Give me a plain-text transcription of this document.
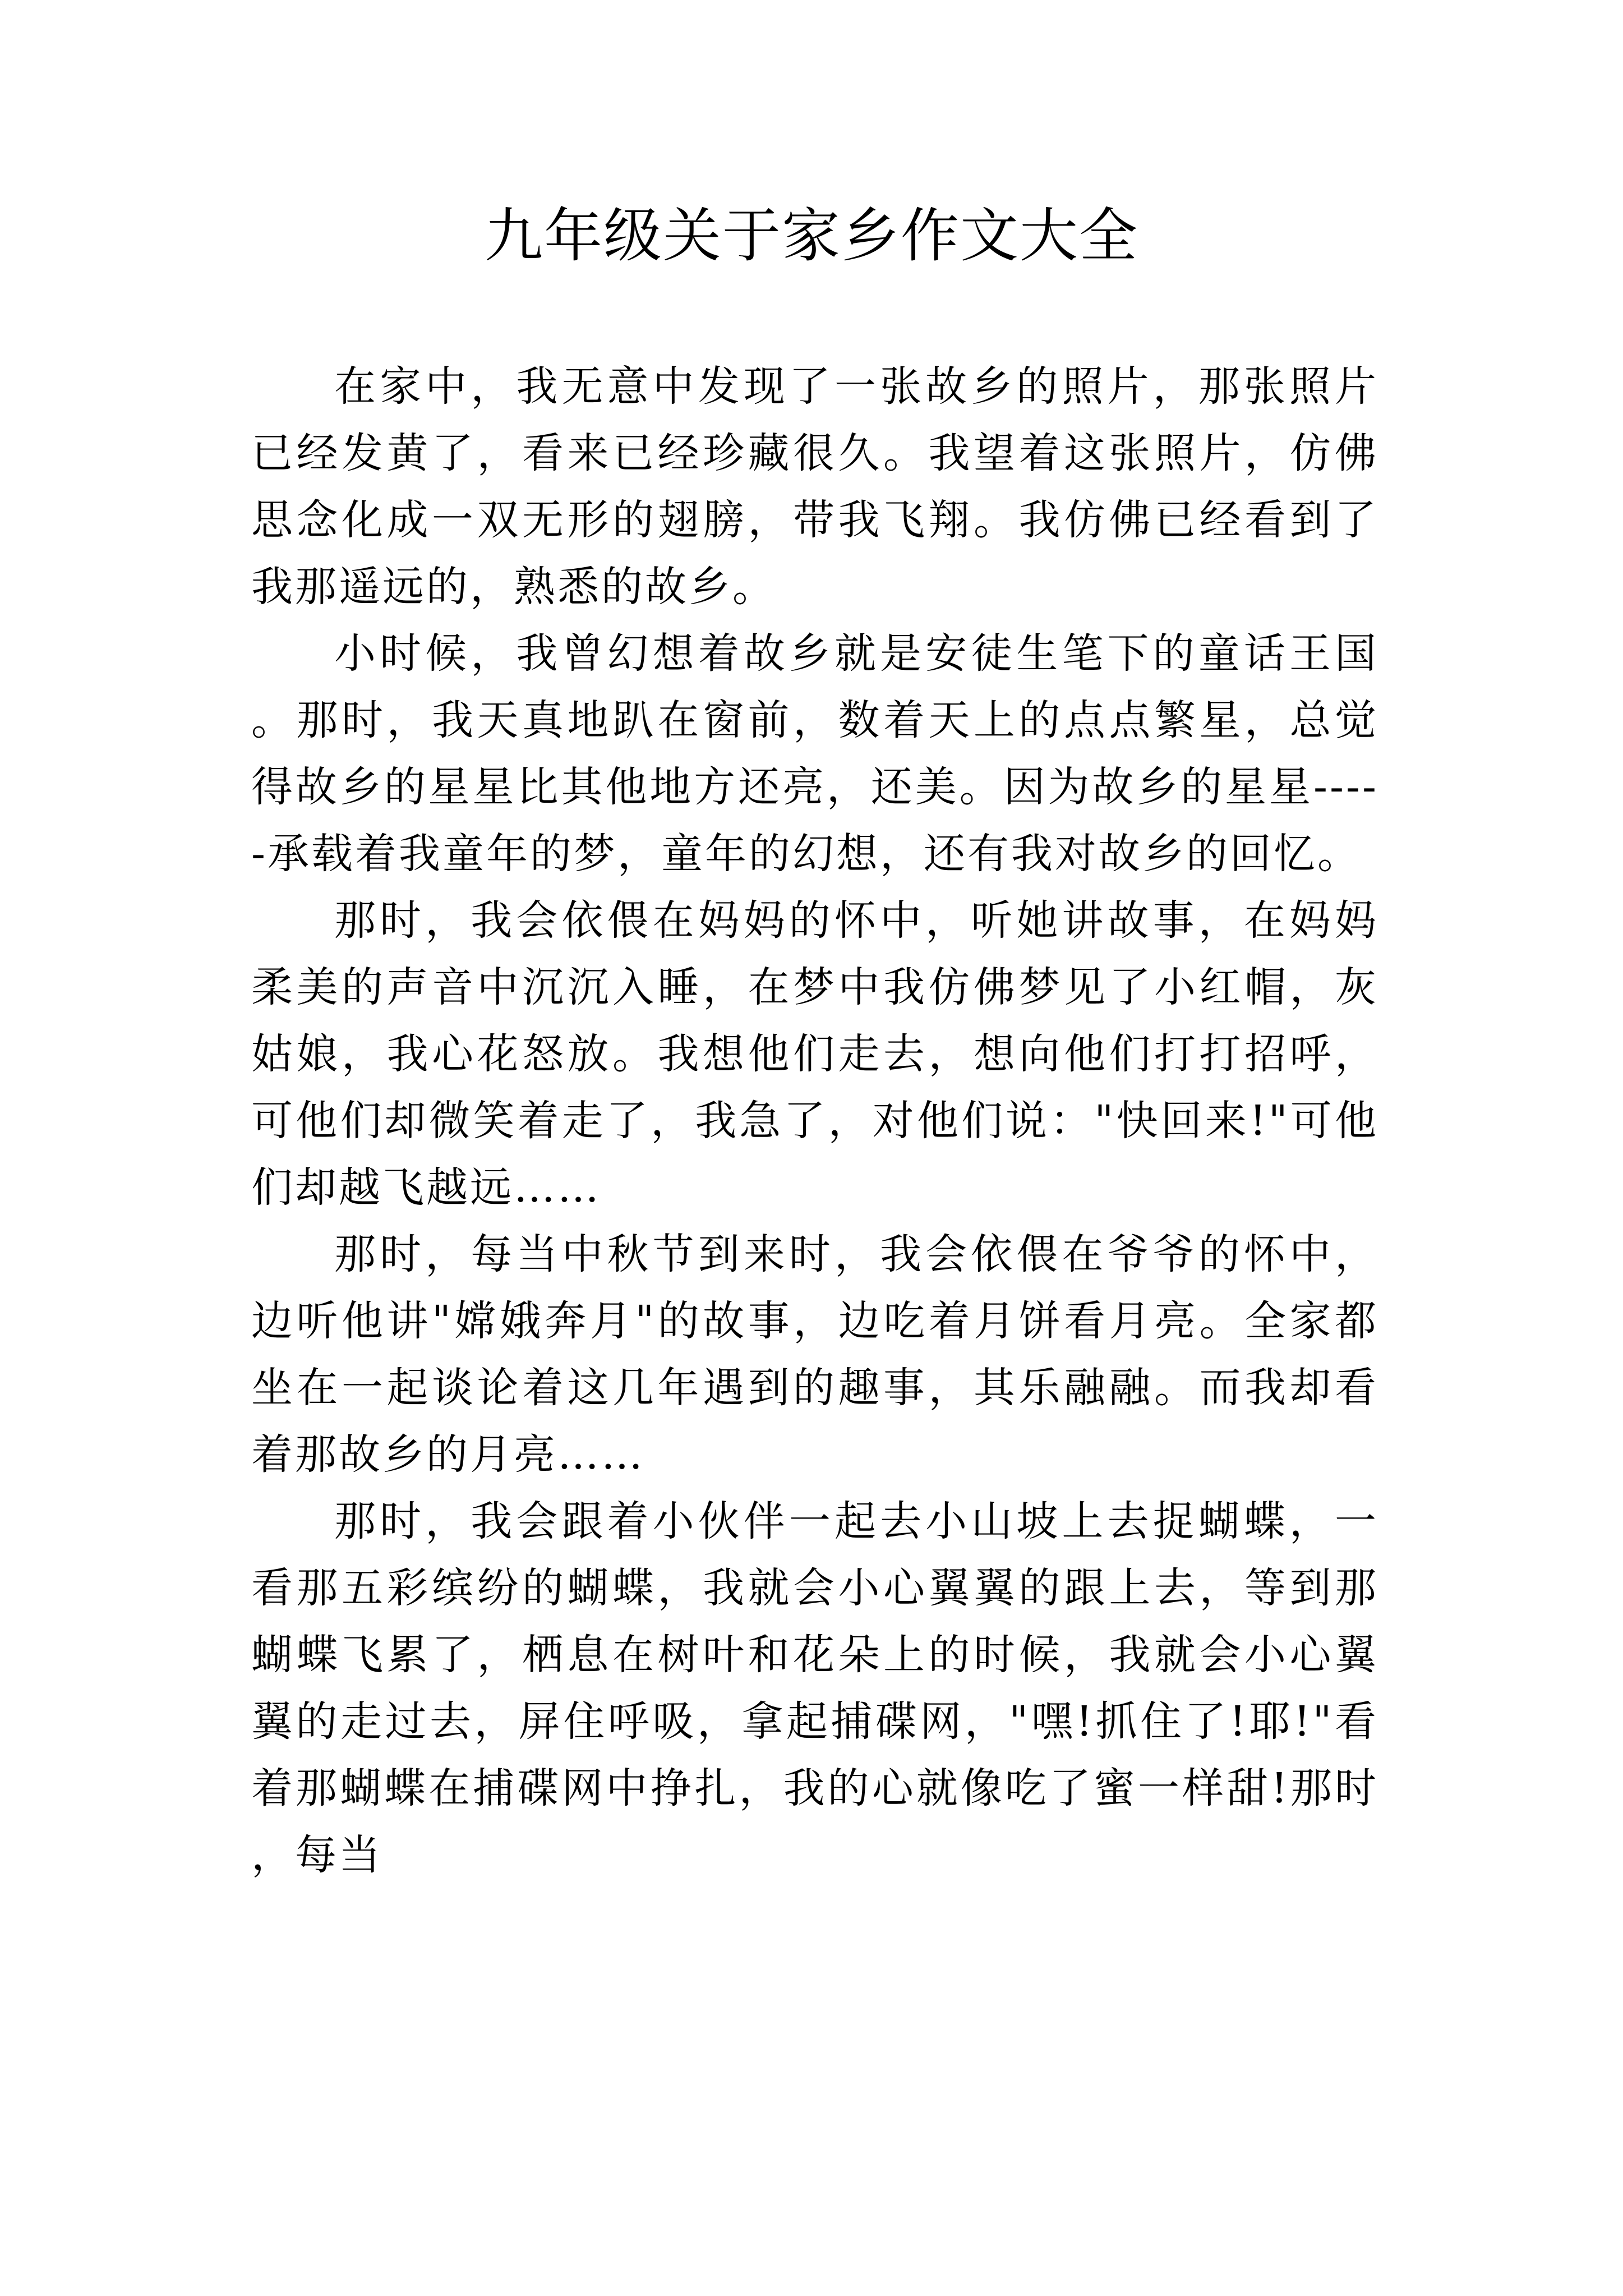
九年级关于家乡作文大全

在家中，我无意中发现了一张故乡的照片，那张照片已经发黄了，看来已经珍藏很久。我望着这张照片，仿佛思念化成一双无形的翅膀，带我飞翔。我仿佛已经看到了我那遥远的，熟悉的故乡。

小时候，我曾幻想着故乡就是安徒生笔下的童话王国。那时，我天真地趴在窗前，数着天上的点点繁星，总觉得故乡的星星比其他地方还亮，还美。因为故乡的星星-----承载着我童年的梦，童年的幻想，还有我对故乡的回忆。

那时，我会依偎在妈妈的怀中，听她讲故事，在妈妈柔美的声音中沉沉入睡，在梦中我仿佛梦见了小红帽，灰姑娘，我心花怒放。我想他们走去，想向他们打打招呼，可他们却微笑着走了，我急了，对他们说："快回来!"可他们却越飞越远……

那时，每当中秋节到来时，我会依偎在爷爷的怀中，边听他讲"嫦娥奔月"的故事，边吃着月饼看月亮。全家都坐在一起谈论着这几年遇到的趣事，其乐融融。而我却看着那故乡的月亮……

那时，我会跟着小伙伴一起去小山坡上去捉蝴蝶，一看那五彩缤纷的蝴蝶，我就会小心翼翼的跟上去，等到那蝴蝶飞累了，栖息在树叶和花朵上的时候，我就会小心翼翼的走过去，屏住呼吸，拿起捕碟网，"嘿!抓住了!耶!"看着那蝴蝶在捕碟网中挣扎，我的心就像吃了蜜一样甜!那时，每当
